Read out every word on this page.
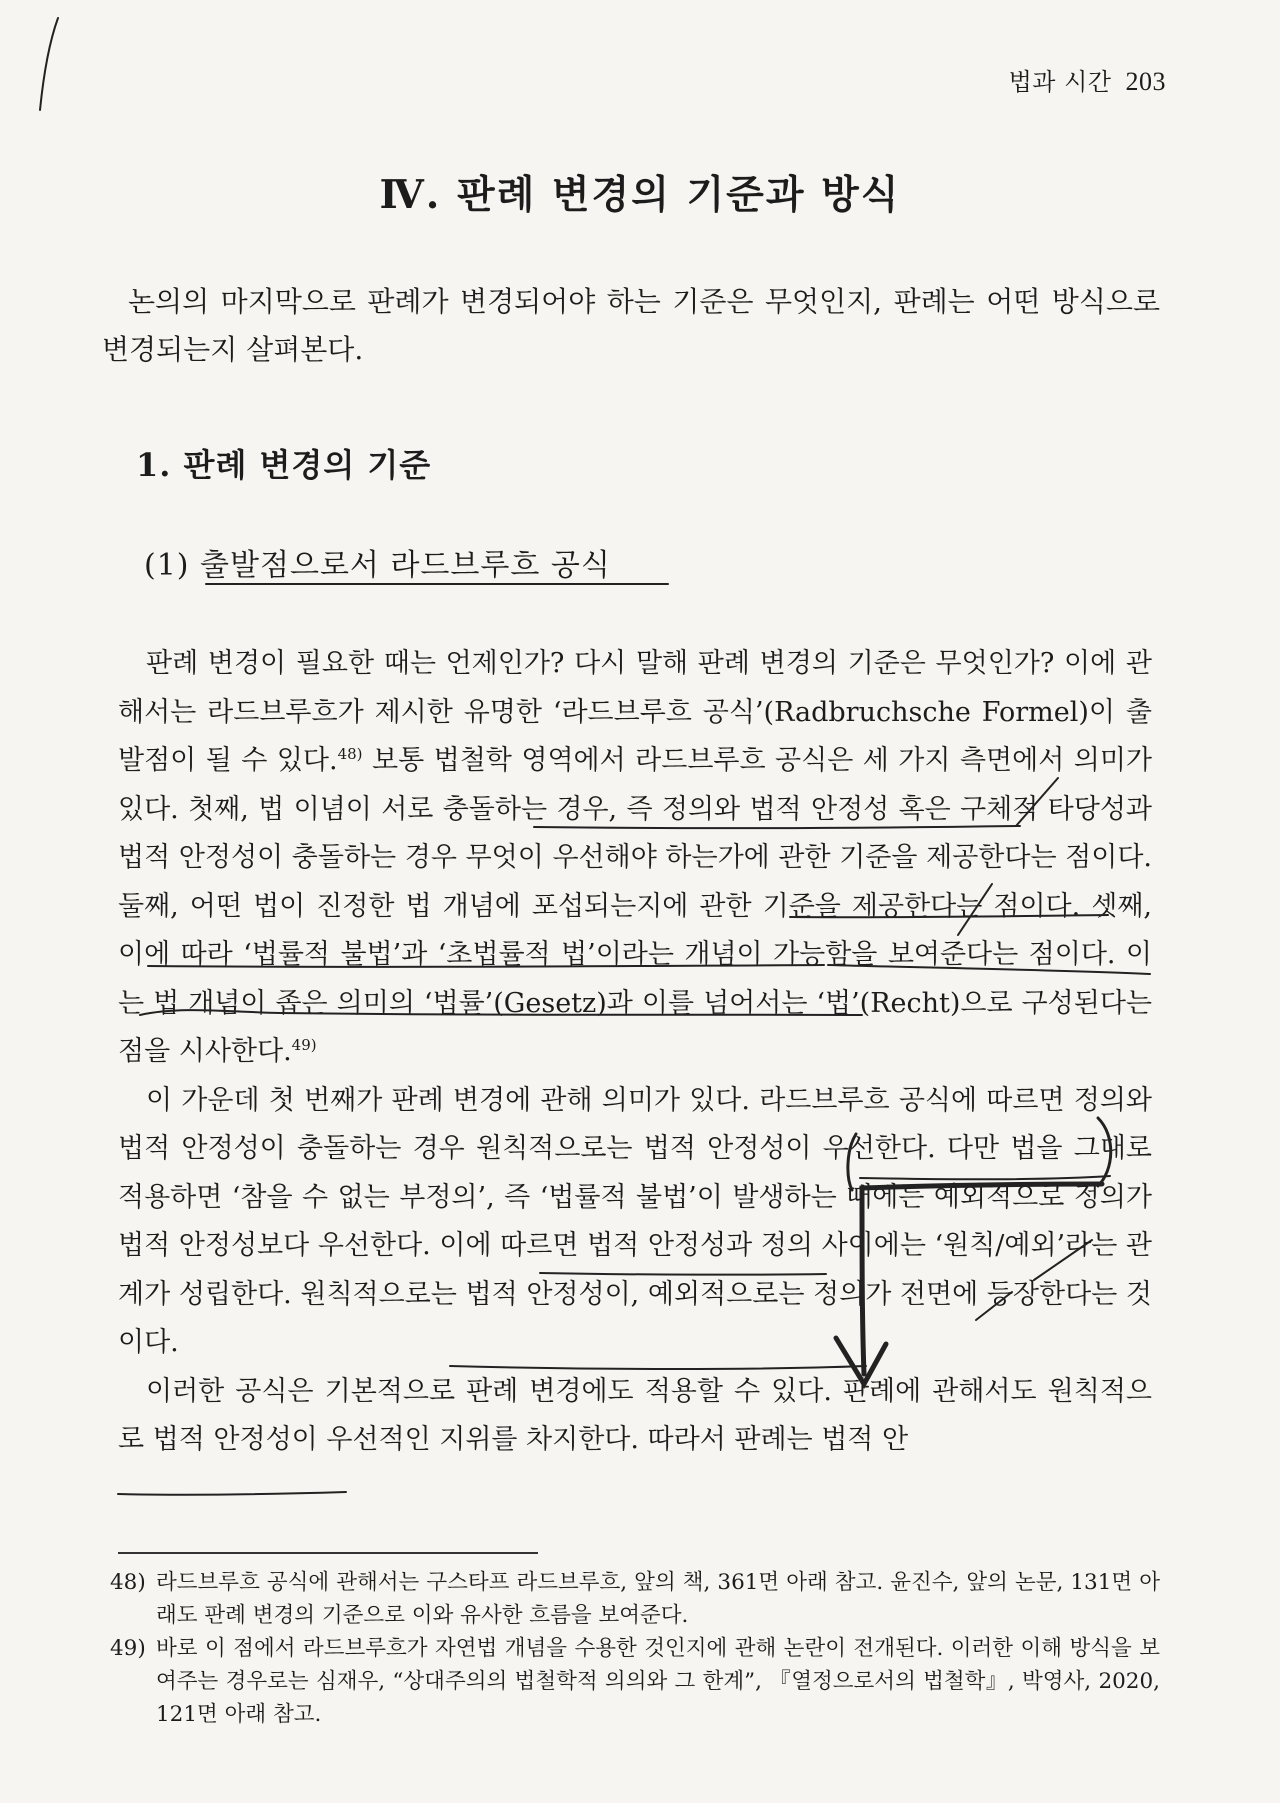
법과 시간 203
Ⅳ. 판례 변경의 기준과 방식
논의의 마지막으로 판례가 변경되어야 하는 기준은 무엇인지, 판례는 어떤 방식으로 변경되는지 살펴본다.
1. 판례 변경의 기준
(1) 출발점으로서 라드브루흐 공식

판례 변경이 필요한 때는 언제인가? 다시 말해 판례 변경의 기준은 무엇인가? 이에 관해서는 라드브루흐가 제시한 유명한 ‘라드브루흐 공식’(Radbruchsche Formel)이 출발점이 될 수 있다.$^{48)}$ 보통 법철학 영역에서 라드브루흐 공식은 세 가지 측면에서 의미가 있다. 첫째, 법 이념이 서로 충돌하는 경우, 즉 정의와 법적 안정성 혹은 구체적 타당성과 법적 안정성이 충돌하는 경우 무엇이 우선해야 하는가에 관한 기준을 제공한다는 점이다. 둘째, 어떤 법이 진정한 법 개념에 포섭되는지에 관한 기준을 제공한다는 점이다. 셋째, 이에 따라 ‘법률적 불법’과 ‘초법률적 법’이라는 개념이 가능함을 보여준다는 점이다. 이는 법 개념이 좁은 의미의 ‘법률’(Gesetz)과 이를 넘어서는 ‘법’(Recht)으로 구성된다는 점을 시사한다.$^{49)}$

이 가운데 첫 번째가 판례 변경에 관해 의미가 있다. 라드브루흐 공식에 따르면 정의와 법적 안정성이 충돌하는 경우 원칙적으로는 법적 안정성이 우선한다. 다만 법을 그대로 적용하면 ‘참을 수 없는 부정의’, 즉 ‘법률적 불법’이 발생하는 때에는 예외적으로 정의가 법적 안정성보다 우선한다. 이에 따르면 법적 안정성과 정의 사이에는 ‘원칙/예외’라는 관계가 성립한다. 원칙적으로는 법적 안정성이, 예외적으로는 정의가 전면에 등장한다는 것이다.

이러한 공식은 기본적으로 판례 변경에도 적용할 수 있다. 판례에 관해서도 원칙적으로 법적 안정성이 우선적인 지위를 차지한다. 따라서 판례는 법적 안

48) 라드브루흐 공식에 관해서는 구스타프 라드브루흐, 앞의 책, 361면 아래 참고. 윤진수, 앞의 논문, 131면 아래도 판례 변경의 기준으로 이와 유사한 흐름을 보여준다.
49) 바로 이 점에서 라드브루흐가 자연법 개념을 수용한 것인지에 관해 논란이 전개된다. 이러한 이해 방식을 보여주는 경우로는 심재우, “상대주의의 법철학적 의의와 그 한계”, 『열정으로서의 법철학』, 박영사, 2020, 121면 아래 참고.
